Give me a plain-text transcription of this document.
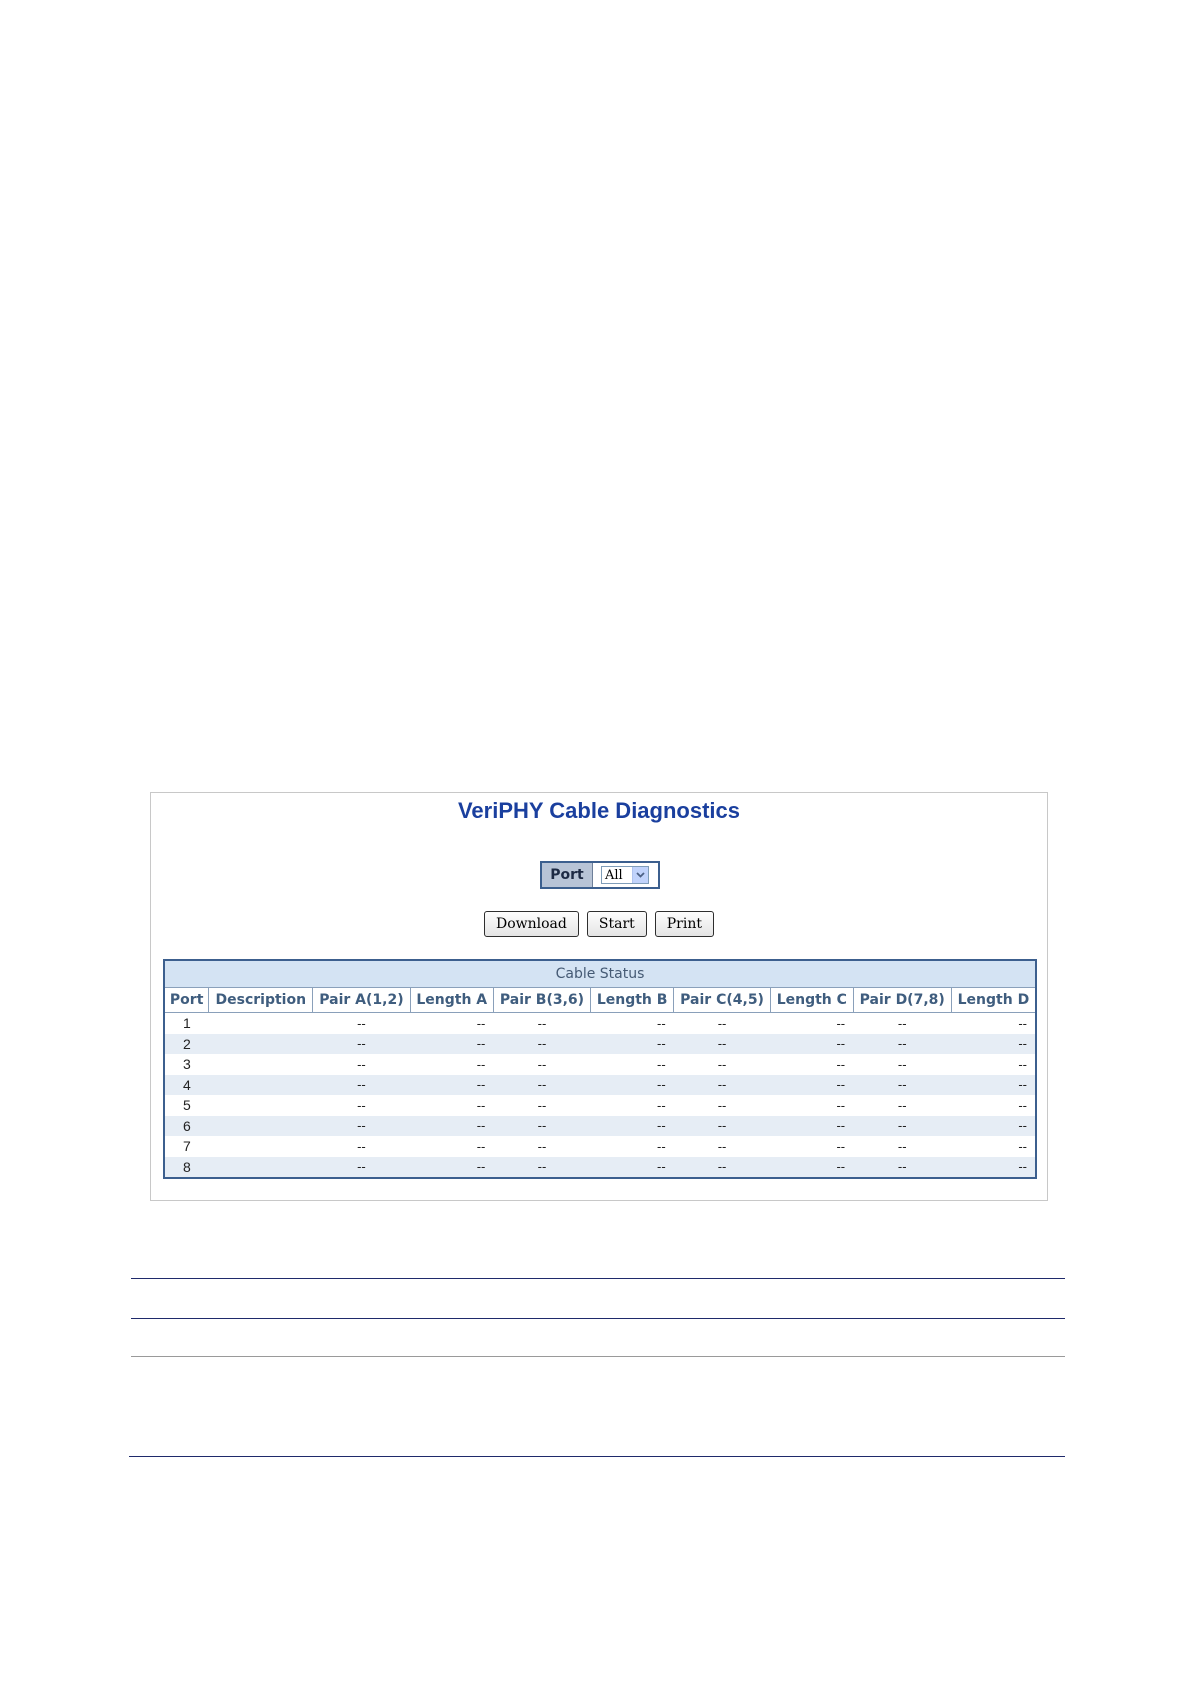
VeriPHY Cable Diagnostics
Port	All
Download Start Print
Cable Status									
Port	Description	Pair A(1,2)	Length A	Pair B(3,6)	Length B	Pair C(4,5)	Length C	Pair D(7,8)	Length D
1		--	--	--	--	--	--	--	--
2		--	--	--	--	--	--	--	--
3		--	--	--	--	--	--	--	--
4		--	--	--	--	--	--	--	--
5		--	--	--	--	--	--	--	--
6		--	--	--	--	--	--	--	--
7		--	--	--	--	--	--	--	--
8		--	--	--	--	--	--	--	--
